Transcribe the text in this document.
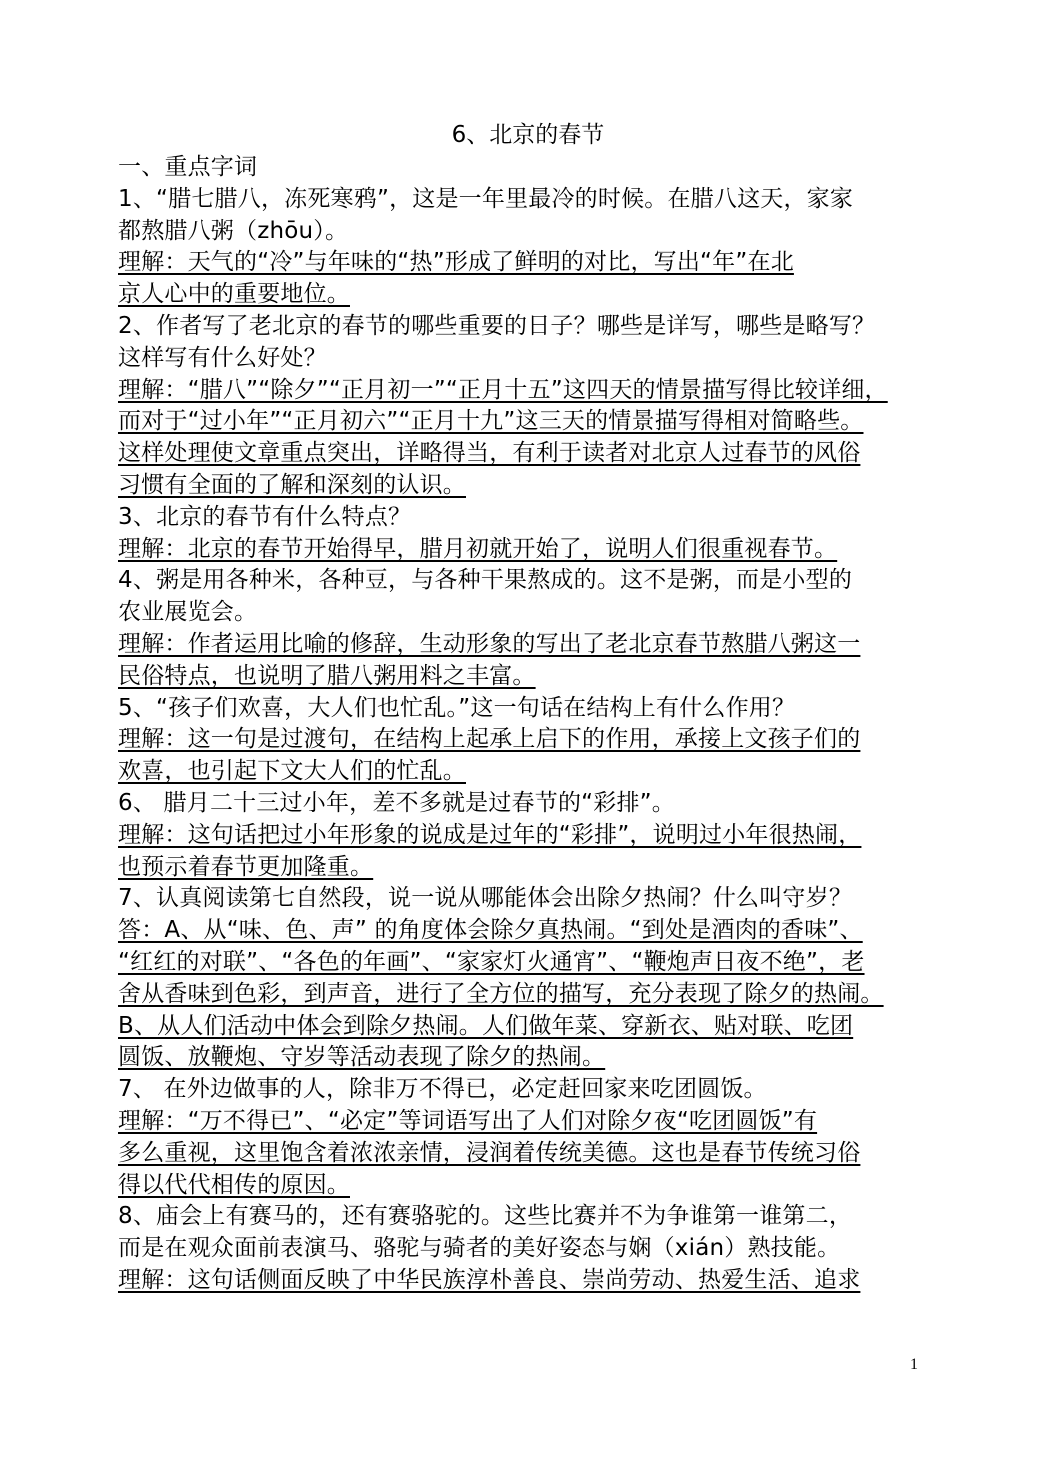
6、北京的春节
一、重点字词
1、“腊七腊八，冻死寒鸦”，这是一年里最冷的时候。在腊八这天，家家
都熬腊八粥（zhōu）。
理解：天气的“冷”与年味的“热”形成了鲜明的对比，写出“年”在北
京人心中的重要地位。
2、作者写了老北京的春节的哪些重要的日子？哪些是详写，哪些是略写？
这样写有什么好处？
理解：“腊八”“除夕”“正月初一”“正月十五”这四天的情景描写得比较详细，
而对于“过小年”“正月初六”“正月十九”这三天的情景描写得相对简略些。
这样处理使文章重点突出，详略得当，有利于读者对北京人过春节的风俗
习惯有全面的了解和深刻的认识。
3、北京的春节有什么特点？
理解：北京的春节开始得早，腊月初就开始了，说明人们很重视春节。
4、粥是用各种米，各种豆，与各种干果熬成的。这不是粥，而是小型的
农业展览会。
理解：作者运用比喻的修辞，生动形象的写出了老北京春节熬腊八粥这一
民俗特点，也说明了腊八粥用料之丰富。
5、“孩子们欢喜，大人们也忙乱。”这一句话在结构上有什么作用？
理解：这一句是过渡句，在结构上起承上启下的作用，承接上文孩子们的
欢喜，也引起下文大人们的忙乱。
6、 腊月二十三过小年，差不多就是过春节的“彩排”。
理解：这句话把过小年形象的说成是过年的“彩排”，说明过小年很热闹，
也预示着春节更加隆重。
7、认真阅读第七自然段，说一说从哪能体会出除夕热闹？什么叫守岁？
答：A、从“味、色、声” 的角度体会除夕真热闹。“到处是酒肉的香味”、
“红红的对联”、“各色的年画”、“家家灯火通宵”、“鞭炮声日夜不绝”，老
舍从香味到色彩，到声音，进行了全方位的描写，充分表现了除夕的热闹。
B、从人们活动中体会到除夕热闹。人们做年菜、穿新衣、贴对联、吃团
圆饭、放鞭炮、守岁等活动表现了除夕的热闹。
7、 在外边做事的人，除非万不得已，必定赶回家来吃团圆饭。
理解：“万不得已”、“必定”等词语写出了人们对除夕夜“吃团圆饭”有
多么重视，这里饱含着浓浓亲情，浸润着传统美德。这也是春节传统习俗
得以代代相传的原因。
8、庙会上有赛马的，还有赛骆驼的。这些比赛并不为争谁第一谁第二，
而是在观众面前表演马、骆驼与骑者的美好姿态与娴（xián）熟技能。
理解：这句话侧面反映了中华民族淳朴善良、崇尚劳动、热爱生活、追求
1
